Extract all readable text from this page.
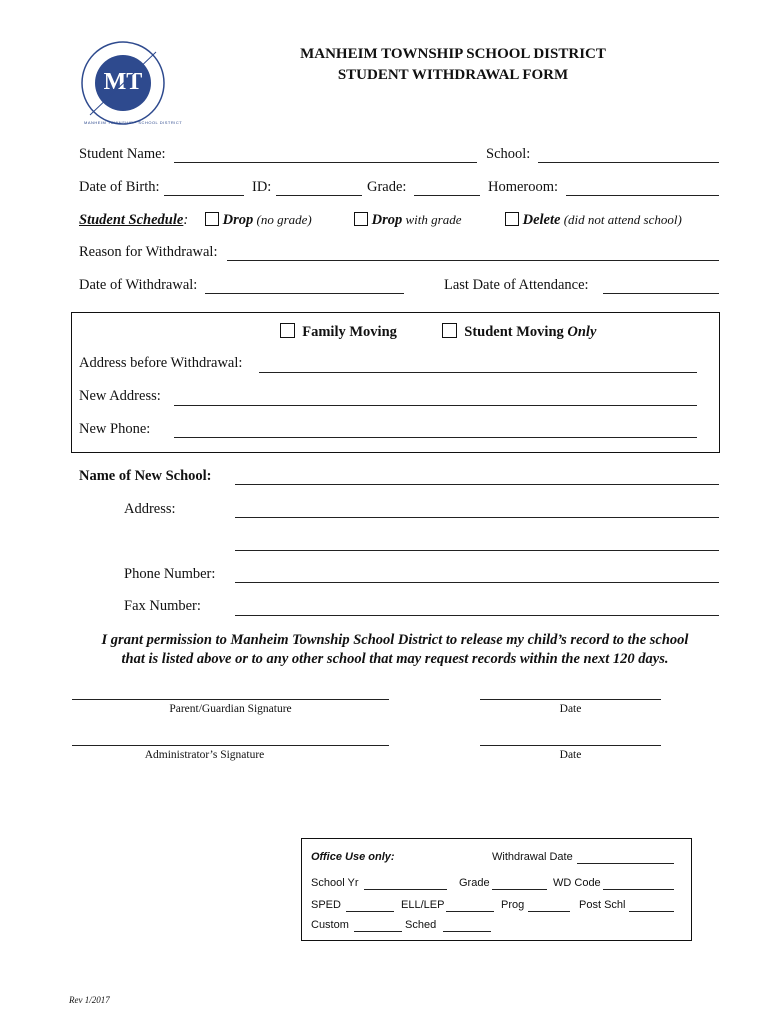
MT
MANHEIM TOWNSHIP · SCHOOL DISTRICT
MANHEIM TOWNSHIP SCHOOL DISTRICT
STUDENT WITHDRAWAL FORM
Student Name:	School:
Date of Birth:	ID:	Grade:	Homeroom:
Student Schedule:	Drop (no grade)	Drop with grade	Delete (did not attend school)
Reason for Withdrawal:
Date of Withdrawal:	Last Date of Attendance:
Family Moving	Student Moving Only
Address before Withdrawal:
New Address:
New Phone:
Name of New School:
Address:
Phone Number:
Fax Number:
I grant permission to Manheim Township School District to release my child’s record to the school
that is listed above or to any other school that may request records within the next 120 days.
Parent/Guardian Signature	Date
Administrator’s Signature	Date
Office Use only:	Withdrawal Date
School Yr	Grade	WD Code
SPED	ELL/LEP	Prog	Post Schl
Custom	Sched
Rev 1/2017
